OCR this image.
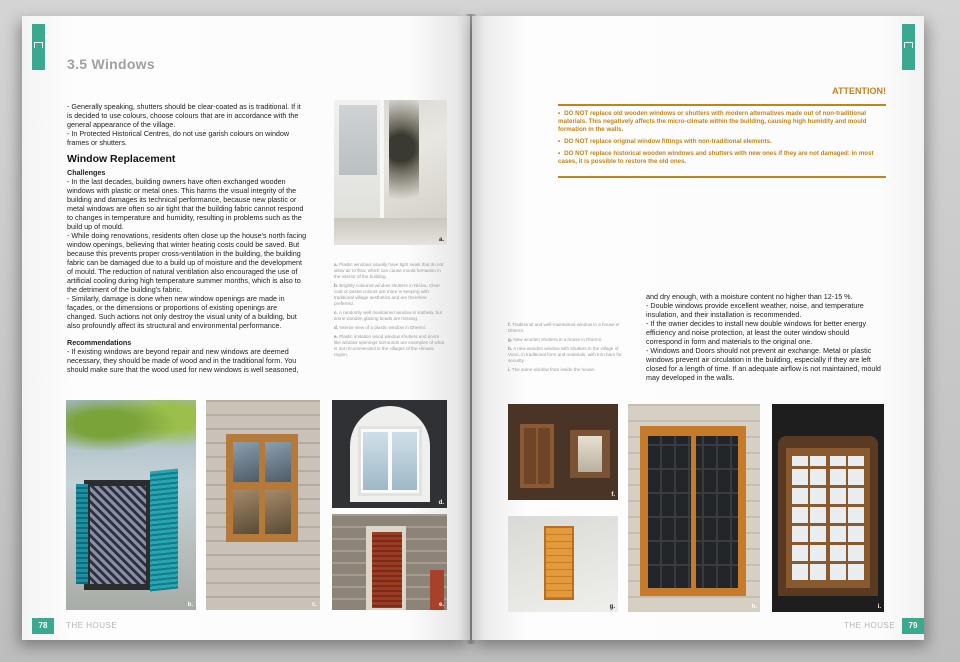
3.5 Windows

- Generally speaking, shutters should be clear-coated as is traditional. If it is decided to use colours, choose colours that are in accordance with the general appearance of the village.

- In Protected Historical Centres, do not use garish colours on window frames or shutters.

Window Replacement
Challenges

- In the last decades, building owners have often exchanged wooden windows with plastic or metal ones. This harms the visual integrity of the building and damages its technical performance, because new plastic or metal windows are often so air tight that the building fabric cannot respond to changes in temperature and humidity, resulting in problems such as the build up of mould.

- While doing renovations, residents often close up the house's north facing window openings, believing that winter heating costs could be saved. But because this prevents proper cross-ventilation in the building, the building fabric can be damaged due to a build up of moisture and the development of mould. The reduction of natural ventilation also encouraged the use of artificial cooling during high temperature summer months, which is also to the detriment of the building's fabric.

- Similarly, damage is done when new window openings are made in façades, or the dimensions or proportions of existing openings are changed. Such actions not only destroy the visual unity of a building, but also profoundly affect its structural and environmental performance.

Recommendations

- If existing windows are beyond repair and new windows are deemed necessary, they should be made of wood and in the traditional form. You should make sure that the wood used for new windows is well seasoned,

a.

a. Plastic windows usually have tight seals that do not allow air to flow, which can cause mould formation in the interior of the building.

b. Brightly coloured window shutters in Nisiva. Clear coat or pastel colours are more in keeping with traditional village aesthetics and are therefore preferred.

c. A randomly well maintained window in Kathela, but some wooden glazing beads are missing.

d. Interior view of a plastic window in Dhermi.

e. Plastic imitation wood window shutters and doors like window openings surrounds are examples of what is not recommended in the villages of the Himara region.

b.	c.
d.
e.
78	THE HOUSE
ATTENTION!
• DO NOT replace old wooden windows or shutters with modern alternatives made out of non-traditional materials. This negatively affects the micro-climate within the building, causing high humidity and mould formation in the walls.
• DO NOT replace original window fittings with non-traditional elements.
• DO NOT replace historical wooden windows and shutters with new ones if they are not damaged: in most cases, it is possible to restore the old ones.

f. Traditional and well-maintained window in a house in Dhermi.

g. New wooden shutters in a house in Dhermi.

h. A new wooden window with shutters in the village of Vuno, in traditional form and materials, with iron bars for security.

i. The same window from inside the house.

and dry enough, with a moisture content no higher than 12-15 %.

- Double windows provide excellent weather, noise, and temperature insulation, and their installation is recommended.

- If the owner decides to install new double windows for better energy efficiency and noise protection, at least the outer window should correspond in form and materials to the original one.

- Windows and Doors should not prevent air exchange. Metal or plastic windows prevent air circulation in the building, especially if they are left closed for a length of time. If an adequate airflow is not maintained, mould may developed in the walls.

f.
g.	h.	i.
THE HOUSE	79
